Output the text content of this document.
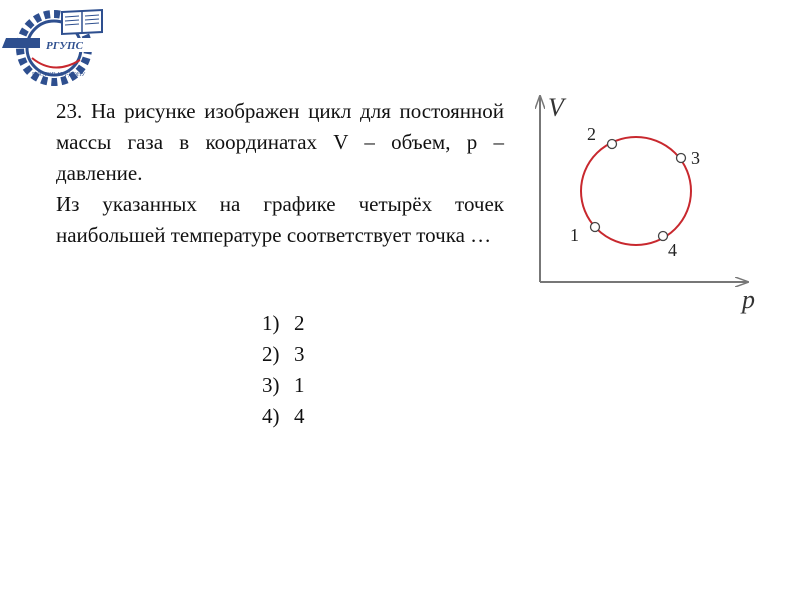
РГУПС
РОСТОВ-НА-ДОНУ

23. На рисунке изображен цикл для постоянной массы газа в координатах V – объем, p – давление.

Из указанных на графике четырёх точек наибольшей температуре соответствует точка …

1) 2
2) 3
3) 1
4) 4
V
p
1
2
3
4
